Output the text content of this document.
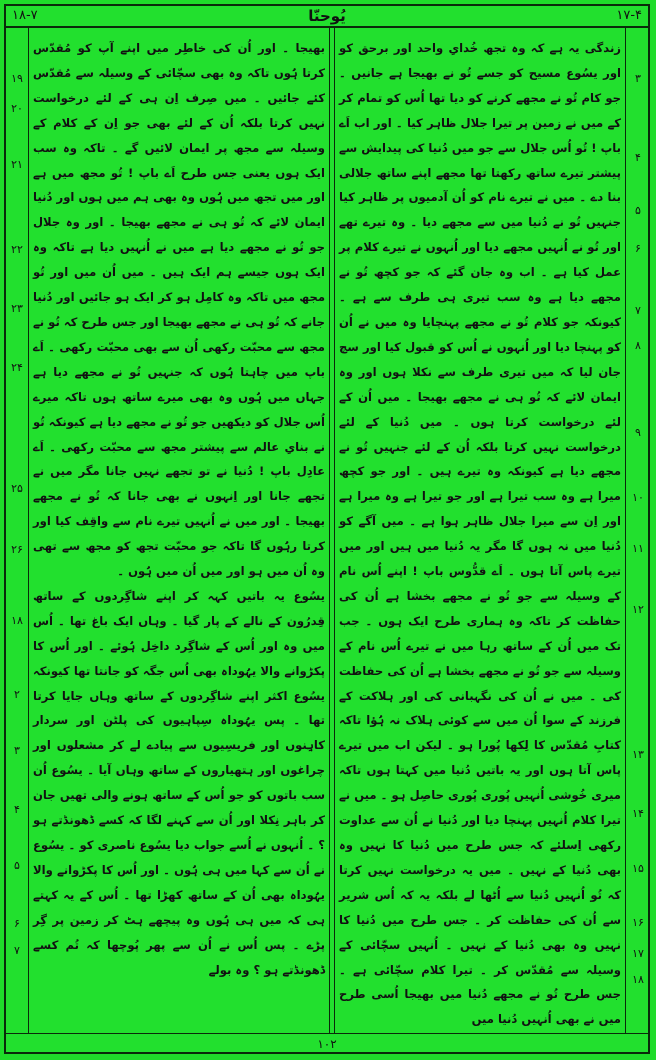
۱۸-۷	یُوحنّا	۱۷-۴

زندگی یہ ہے کہ وہ تجھ خُدایِ واحد اور برحق کو اور یسُوع مسیح کو جسے تُو نے بھیجا ہے جانیں ۔ جو کام تُو نے مجھے کرنے کو دیا تھا اُس کو تمام کر کے میں نے زمین پر تیرا جلال ظاہر کیا ۔ اور اب اَے باپ ! تُو اُس جلال سے جو میں دُنیا کی پیدایش سے پیشتر تیرے ساتھ رکھتا تھا مجھے اپنے ساتھ جلالی بنا دے ۔ میں نے تیرے نام کو اُن آدمیوں پر ظاہر کیا جنہیں تُو نے دُنیا میں سے مجھے دیا ۔ وہ تیرے تھے اور تُو نے اُنہیں مجھے دیا اور اُنہوں نے تیرے کلام پر عمل کیا ہے ۔ اب وہ جان گئے کہ جو کچھ تُو نے مجھے دیا ہے وہ سب تیری ہی طرف سے ہے ۔ کیونکہ جو کلام تُو نے مجھے پہنچایا وہ میں نے اُن کو پہنچا دیا اور اُنہوں نے اُس کو قبول کیا اور سچ جان لیا کہ میں تیری طرف سے نکلا ہوں اور وہ ایمان لائے کہ تُو ہی نے مجھے بھیجا ۔ میں اُن کے لئے درخواست کرتا ہوں ۔ میں دُنیا کے لئے درخواست نہیں کرتا بلکہ اُن کے لئے جنہیں تُو نے مجھے دیا ہے کیونکہ وہ تیرے ہیں ۔ اور جو کچھ میرا ہے وہ سب تیرا ہے اور جو تیرا ہے وہ میرا ہے اور اِن سے میرا جلال ظاہر ہوا ہے ۔ میں آگے کو دُنیا میں نہ ہوں گا مگر یہ دُنیا میں ہیں اور میں تیرے پاس آتا ہوں ۔ اَے قدُّوس باپ ! اپنے اُس نام کے وسیلہ سے جو تُو نے مجھے بخشا ہے اُن کی حفاظت کر تاکہ وہ ہماری طرح ایک ہوں ۔ جب تک میں اُن کے ساتھ رہا میں نے تیرے اُس نام کے وسیلہ سے جو تُو نے مجھے بخشا ہے اُن کی حفاظت کی ۔ میں نے اُن کی نگہبانی کی اور ہلاکت کے فرزند کے سوا اُن میں سے کوئی ہلاک نہ ہُؤا تاکہ کتابِ مُقدّس کا لِکھا پُورا ہو ۔ لیکن اب میں تیرے پاس آتا ہوں اور یہ باتیں دُنیا میں کہتا ہوں تاکہ میری خُوشی اُنہیں پُوری پُوری حاصِل ہو ۔ میں نے تیرا کلام اُنہیں پہنچا دیا اور دُنیا نے اُن سے عداوت رکھی اِسلئے کہ جس طرح میں دُنیا کا نہیں وہ بھی دُنیا کے نہیں ۔ میں یہ درخواست نہیں کرتا کہ تُو اُنہیں دُنیا سے اُٹھا لے بلکہ یہ کہ اُس شریر سے اُن کی حفاظت کر ۔ جس طرح میں دُنیا کا نہیں وہ بھی دُنیا کے نہیں ۔ اُنہیں سچّائی کے وسیلہ سے مُقدّس کر ۔ تیرا کلام سچّائی ہے ۔ جس طرح تُو نے مجھے دُنیا میں بھیجا اُسی طرح میں نے بھی اُنہیں دُنیا میں

بھیجا ۔ اور اُن کی خاطِر میں اپنے آپ کو مُقدّس کرتا ہُوں تاکہ وہ بھی سچّائی کے وسیلہ سے مُقدّس کئے جائیں ۔ میں صِرف اِن ہی کے لئے درخواست نہیں کرتا بلکہ اُن کے لئے بھی جو اِن کے کلام کے وسیلہ سے مجھ پر ایمان لائیں گے ۔ تاکہ وہ سب ایک ہوں یعنی جس طرح اَے باپ ! تُو مجھ میں ہے اور میں تجھ میں ہُوں وہ بھی ہم میں ہوں اور دُنیا ایمان لائے کہ تُو ہی نے مجھے بھیجا ۔ اور وہ جلال جو تُو نے مجھے دیا ہے میں نے اُنہیں دیا ہے تاکہ وہ ایک ہوں جیسے ہم ایک ہیں ۔ میں اُن میں اور تُو مجھ میں تاکہ وہ کامِل ہو کر ایک ہو جائیں اور دُنیا جانے کہ تُو ہی نے مجھے بھیجا اور جس طرح کہ تُو نے مجھ سے محبّت رکھی اُن سے بھی محبّت رکھی ۔ اَے باپ میں چاہتا ہُوں کہ جنہیں تُو نے مجھے دیا ہے جہاں میں ہُوں وہ بھی میرے ساتھ ہوں تاکہ میرے اُس جلال کو دیکھیں جو تُو نے مجھے دیا ہے کیونکہ تُو نے بنایِ عالم سے پیشتر مجھ سے محبّت رکھی ۔ اَے عادِل باپ ! دُنیا نے تو تجھے نہیں جانا مگر میں نے تجھے جانا اور اِنہوں نے بھی جانا کہ تُو نے مجھے بھیجا ۔ اور میں نے اُنہیں تیرے نام سے واقِف کیا اور کرتا رہُوں گا تاکہ جو محبّت تجھ کو مجھ سے تھی وہ اُن میں ہو اور میں اُن میں ہُوں ۔

یسُوع یہ باتیں کہہ کر اپنے شاگِردوں کے ساتھ قِدرُون کے نالے کے پار گیا ۔ وہاں ایک باغ تھا ۔ اُس میں وہ اور اُس کے شاگِرد داخِل ہُوئے ۔ اور اُس کا پکڑوانے والا یہُوداہ بھی اُس جگہ کو جانتا تھا کیونکہ یسُوع اکثر اپنے شاگِردوں کے ساتھ وہاں جایا کرتا تھا ۔ پس یہُوداہ سِپاہیوں کی پلٹن اور سردار کاہِنوں اور فریسِیوں سے پیادے لے کر مشعلوں اور چراغوں اور ہتھیاروں کے ساتھ وہاں آیا ۔ یسُوع اُن سب باتوں کو جو اُس کے ساتھ ہونے والی تھیں جان کر باہر نِکلا اور اُن سے کہنے لگا کہ کسے ڈھونڈتے ہو ؟ ۔ اُنہوں نے اُسے جواب دیا یسُوع ناصری کو ۔ یسُوع نے اُن سے کہا میں ہی ہُوں ۔ اور اُس کا پکڑوانے والا یہُوداہ بھی اُن کے ساتھ کھڑا تھا ۔ اُس کے یہ کہتے ہی کہ میں ہی ہُوں وہ پیچھے ہٹ کر زمین پر گِر پڑے ۔ پس اُس نے اُن سے پھر پُوچھا کہ تُم کسے ڈھونڈتے ہو ؟ وہ بولے

۳
۴
۵
۶
۷
۸
۹
۱۰
۱۱
۱۲
۱۳
۱۴
۱۵
۱۶
۱۷
۱۸
۱۹
۲۰
۲۱
۲۲
۲۳
۲۴
۲۵
۲۶
۱۸
۲
۳
۴
۵
۶
۷
۱۰۲
